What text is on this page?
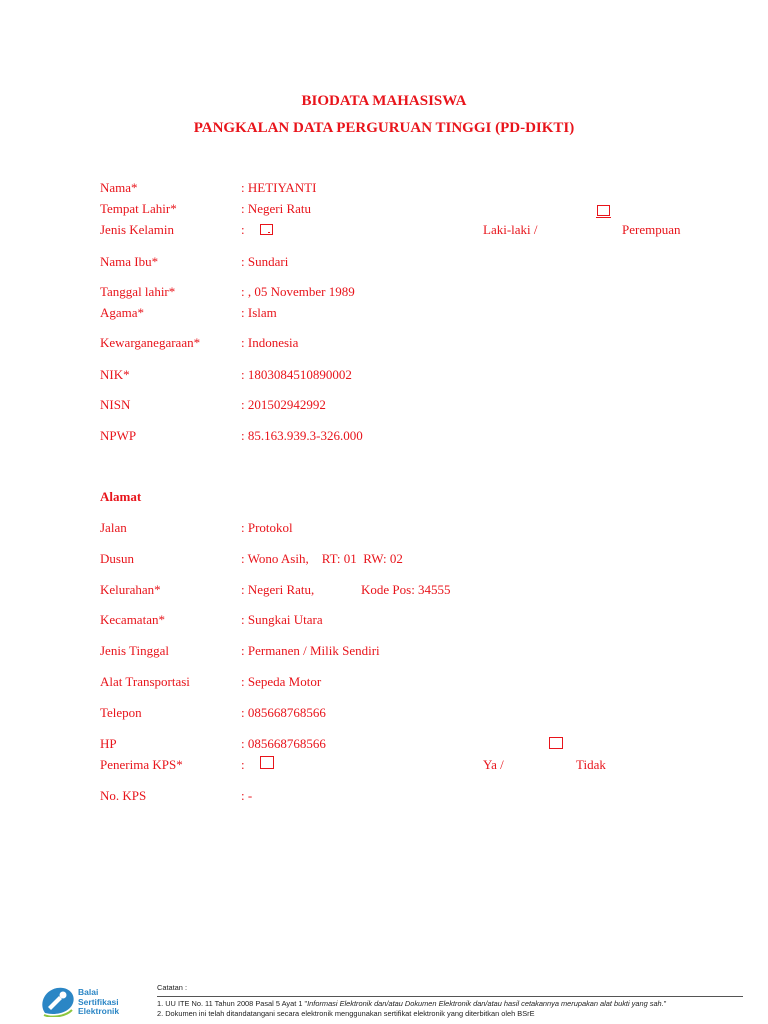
BIODATA MAHASISWA
PANGKALAN DATA PERGURUAN TINGGI (PD-DIKTI)
Nama*	: HETIYANTI
Tempat Lahir*	: Negeri Ratu
Jenis Kelamin	:	Laki-laki /	Perempuan
Nama Ibu*	: Sundari
Tanggal lahir*	: , 05 November 1989
Agama*	: Islam
Kewarganegaraan*	: Indonesia
NIK*	: 1803084510890002
NISN	: 201502942992
NPWP	: 85.163.939.3-326.000
Alamat
Jalan	: Protokol
Dusun	: Wono Asih,    RT: 01  RW: 02
Kelurahan*	: Negeri Ratu,	Kode Pos: 34555
Kecamatan*	: Sungkai Utara
Jenis Tinggal	: Permanen / Milik Sendiri
Alat Transportasi	: Sepeda Motor
Telepon	: 085668768566
HP	: 085668768566
Penerima KPS*	:	Ya /	Tidak
No. KPS	: -
Balai
Sertifikasi
Elektronik
Catatan :
1. UU ITE No. 11 Tahun 2008 Pasal 5 Ayat 1 "Informasi Elektronik dan/atau Dokumen Elektronik dan/atau hasil cetakannya merupakan alat bukti yang sah."
2. Dokumen ini telah ditandatangani secara elektronik menggunakan sertifikat elektronik yang diterbitkan oleh BSrE
